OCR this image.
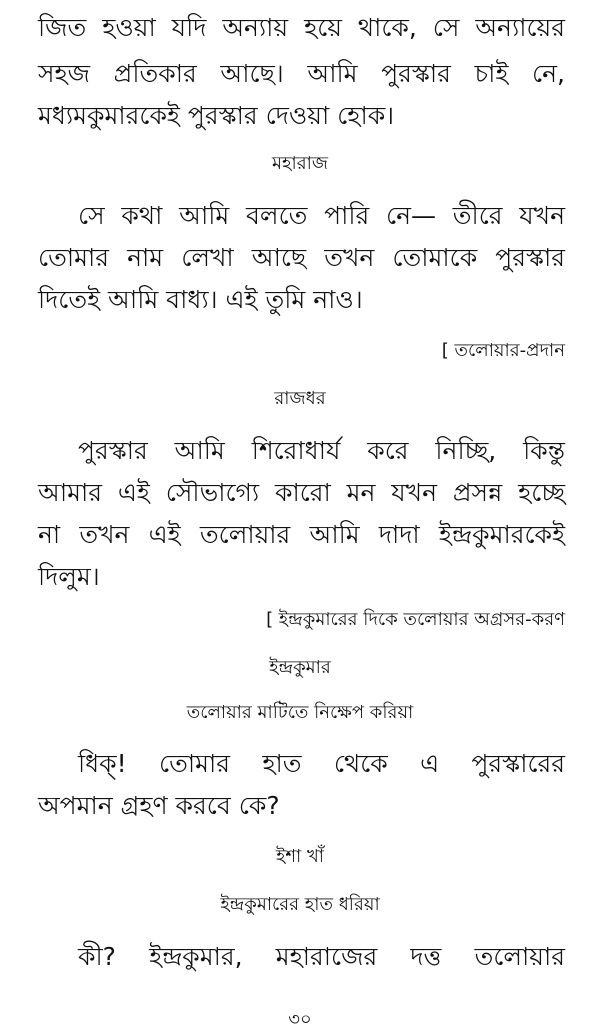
জিত হওয়া যদি অন্যায় হয়ে থাকে, সে অন্যায়ের
সহজ প্রতিকার আছে। আমি পুরস্কার চাই নে,
মধ্যমকুমারকেই পুরস্কার দেওয়া হোক।
মহারাজ
সে কথা আমি বলতে পারি নে— তীরে যখন
তোমার নাম লেখা আছে তখন তোমাকে পুরস্কার
দিতেই আমি বাধ্য। এই তুমি নাও।
[ তলোয়ার-প্রদান
রাজধর
পুরস্কার আমি শিরোধার্য করে নিচ্ছি, কিন্তু
আমার এই সৌভাগ্যে কারো মন যখন প্রসন্ন হচ্ছে
না তখন এই তলোয়ার আমি দাদা ইন্দ্রকুমারকেই
দিলুম।
[ ইন্দ্রকুমারের দিকে তলোয়ার অগ্রসর-করণ
ইন্দ্রকুমার
তলোয়ার মাটিতে নিক্ষেপ করিয়া
ধিক্! তোমার হাত থেকে এ পুরস্কারের
অপমান গ্রহণ করবে কে?
ইশা খাঁ
ইন্দ্রকুমারের হাত ধরিয়া
কী? ইন্দ্রকুমার, মহারাজের দত্ত তলোয়ার
৩০
